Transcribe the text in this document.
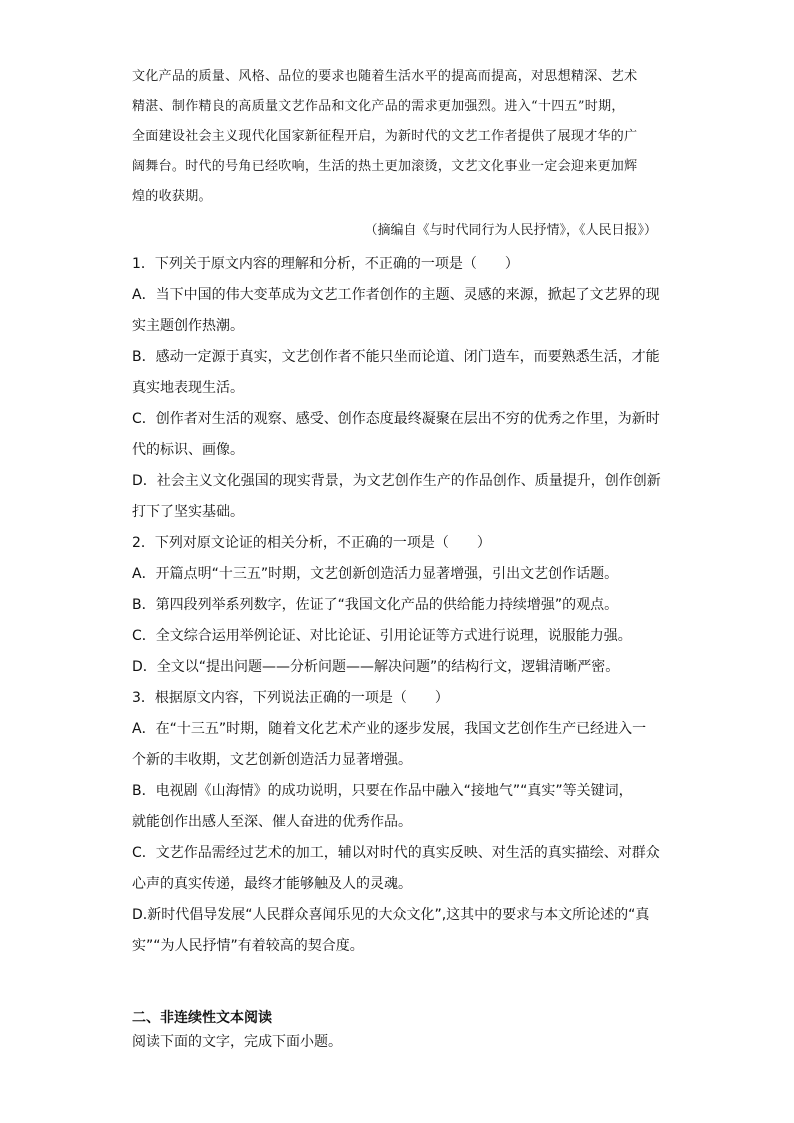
文化产品的质量、风格、品位的要求也随着生活水平的提高而提高，对思想精深、艺术

精湛、制作精良的高质量文艺作品和文化产品的需求更加强烈。进入“十四五”时期，

全面建设社会主义现代化国家新征程开启，为新时代的文艺工作者提供了展现才华的广

阔舞台。时代的号角已经吹响，生活的热土更加滚烫，文艺文化事业一定会迎来更加辉

煌的收获期。

（摘编自《与时代同行为人民抒情》，《人民日报》）

1．下列关于原文内容的理解和分析，不正确的一项是（　　）

A．当下中国的伟大变革成为文艺工作者创作的主题、灵感的来源，掀起了文艺界的现

实主题创作热潮。

B．感动一定源于真实，文艺创作者不能只坐而论道、闭门造车，而要熟悉生活，才能

真实地表现生活。

C．创作者对生活的观察、感受、创作态度最终凝聚在层出不穷的优秀之作里，为新时

代的标识、画像。

D．社会主义文化强国的现实背景，为文艺创作生产的作品创作、质量提升，创作创新

打下了坚实基础。

2．下列对原文论证的相关分析，不正确的一项是（　　）

A．开篇点明“十三五”时期，文艺创新创造活力显著增强，引出文艺创作话题。

B．第四段列举系列数字，佐证了“我国文化产品的供给能力持续增强”的观点。

C．全文综合运用举例论证、对比论证、引用论证等方式进行说理，说服能力强。

D．全文以“提出问题——分析问题——解决问题”的结构行文，逻辑清晰严密。

3．根据原文内容，下列说法正确的一项是（　　）

A．在“十三五”时期，随着文化艺术产业的逐步发展，我国文艺创作生产已经进入一

个新的丰收期，文艺创新创造活力显著增强。

B．电视剧《山海情》的成功说明，只要在作品中融入“接地气”“真实”等关键词，

就能创作出感人至深、催人奋进的优秀作品。

C．文艺作品需经过艺术的加工，辅以对时代的真实反映、对生活的真实描绘、对群众

心声的真实传递，最终才能够触及人的灵魂。

D.新时代倡导发展“人民群众喜闻乐见的大众文化”,这其中的要求与本文所论述的“真

实”“为人民抒情”有着较高的契合度。

二、非连续性文本阅读

阅读下面的文字，完成下面小题。
